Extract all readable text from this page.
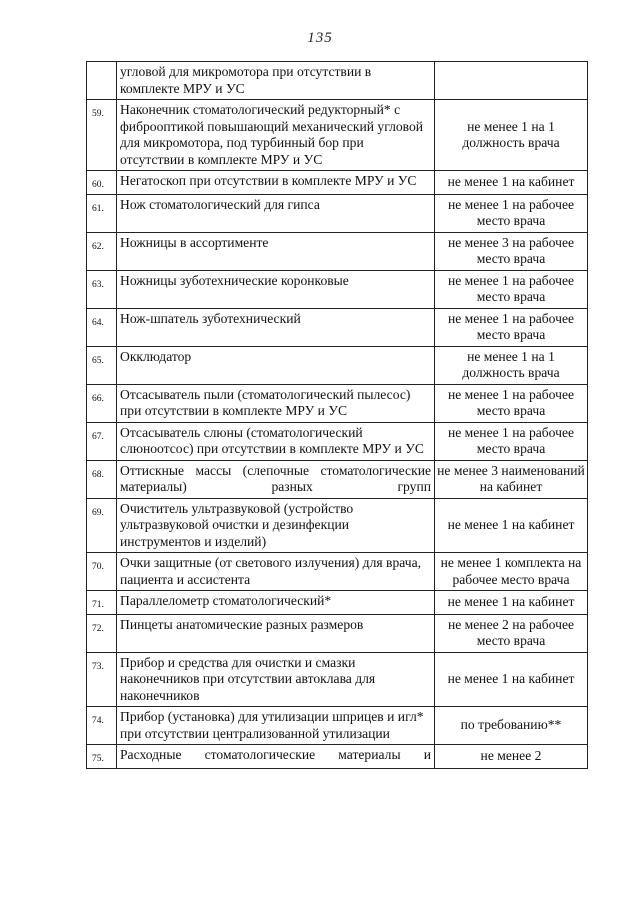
135
	угловой для микромотора при отсутствии в комплекте МРУ и УС	
59.	Наконечник стоматологический редукторный* с фиброоптикой повышающий механический угловой для микромотора, под турбинный бор при отсутствии в комплекте МРУ и УС	не менее 1 на 1 должность врача
60.	Негатоскоп при отсутствии в комплекте МРУ и УС	не менее 1 на кабинет
61.	Нож стоматологический для гипса	не менее 1 на рабочее место врача
62.	Ножницы в ассортименте	не менее 3 на рабочее место врача
63.	Ножницы зуботехнические коронковые	не менее 1 на рабочее место врача
64.	Нож-шпатель зуботехнический	не менее 1 на рабочее место врача
65.	Окклюдатор	не менее 1 на 1 должность врача
66.	Отсасыватель пыли (стоматологический пылесос) при отсутствии в комплекте МРУ и УС	не менее 1 на рабочее место врача
67.	Отсасыватель слюны (стоматологический слюноотсос) при отсутствии в комплекте МРУ и УС	не менее 1 на рабочее место врача
68.	Оттискные массы (слепочные стоматологические материалы) разных групп	не менее 3 наименований на кабинет
69.	Очиститель ультразвуковой (устройство ультразвуковой очистки и дезинфекции инструментов и изделий)	не менее 1 на кабинет
70.	Очки защитные (от светового излучения) для врача, пациента и ассистента	не менее 1 комплекта на рабочее место врача
71.	Параллелометр стоматологический*	не менее 1 на кабинет
72.	Пинцеты анатомические разных размеров	не менее 2 на рабочее место врача
73.	Прибор и средства для очистки и смазки наконечников при отсутствии автоклава для наконечников	не менее 1 на кабинет
74.	Прибор (установка) для утилизации шприцев и игл* при отсутствии централизованной утилизации	по требованию**
75.	Расходные стоматологические материалы и	не менее 2
